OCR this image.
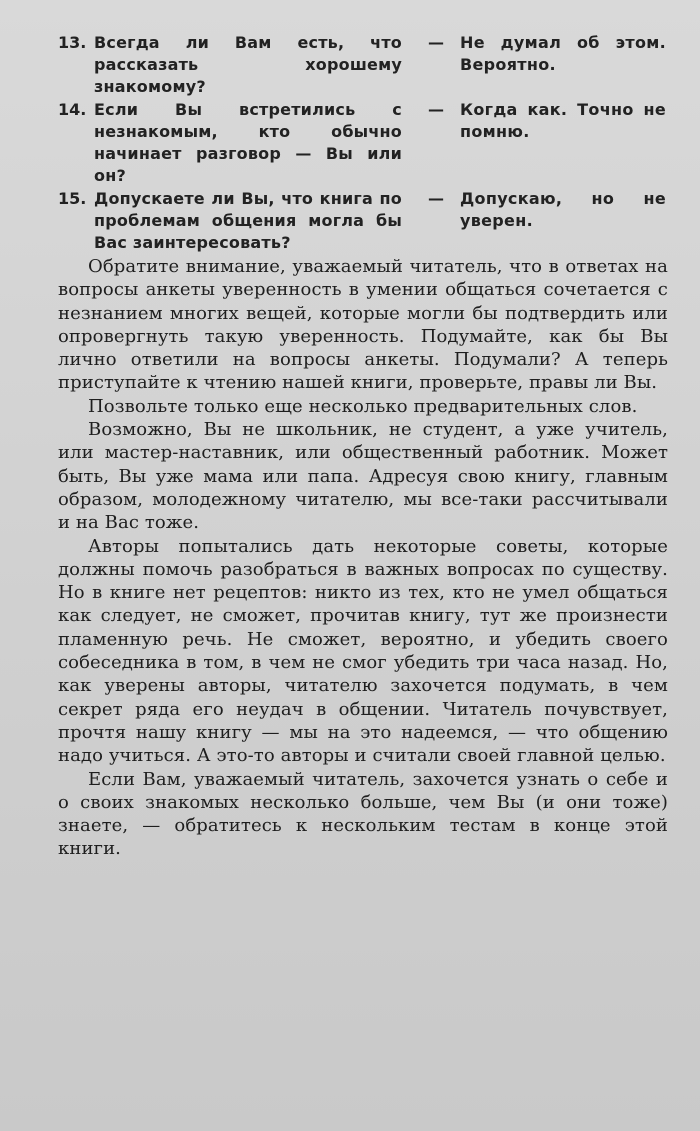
13. Всегда ли Вам есть, что рассказать хорошему знакомому?
— Не думал об этом. Вероятно.
14. Если Вы встретились с незнакомым, кто обычно начинает разговор — Вы или он?
— Когда как. Точно не помню.
15. Допускаете ли Вы, что книга по проблемам общения могла бы Вас заинтересовать?
— Допускаю, но не уверен.

Обратите внимание, уважаемый читатель, что в ответах на вопросы анкеты уверенность в умении общаться сочетается с незнанием многих вещей, которые могли бы подтвердить или опровергнуть такую уверенность. Подумайте, как бы Вы лично ответили на вопросы анкеты. Подумали? А теперь приступайте к чтению нашей книги, проверьте, правы ли Вы.

Позвольте только еще несколько предварительных слов.

Возможно, Вы не школьник, не студент, а уже учитель, или мастер-наставник, или общественный работник. Может быть, Вы уже мама или папа. Адресуя свою книгу, главным образом, молодежному читателю, мы все-таки рассчитывали и на Вас тоже.

Авторы попытались дать некоторые советы, которые должны помочь разобраться в важных вопросах по существу. Но в книге нет рецептов: никто из тех, кто не умел общаться как следует, не сможет, прочитав книгу, тут же произнести пламенную речь. Не сможет, вероятно, и убедить своего собеседника в том, в чем не смог убедить три часа назад. Но, как уверены авторы, читателю захочется подумать, в чем секрет ряда его неудач в общении. Читатель почувствует, прочтя нашу книгу — мы на это надеемся, — что общению надо учиться. А это-то авторы и считали своей главной целью.

Если Вам, уважаемый читатель, захочется узнать о себе и о своих знакомых несколько больше, чем Вы (и они тоже) знаете, — обратитесь к нескольким тестам в конце этой книги.
